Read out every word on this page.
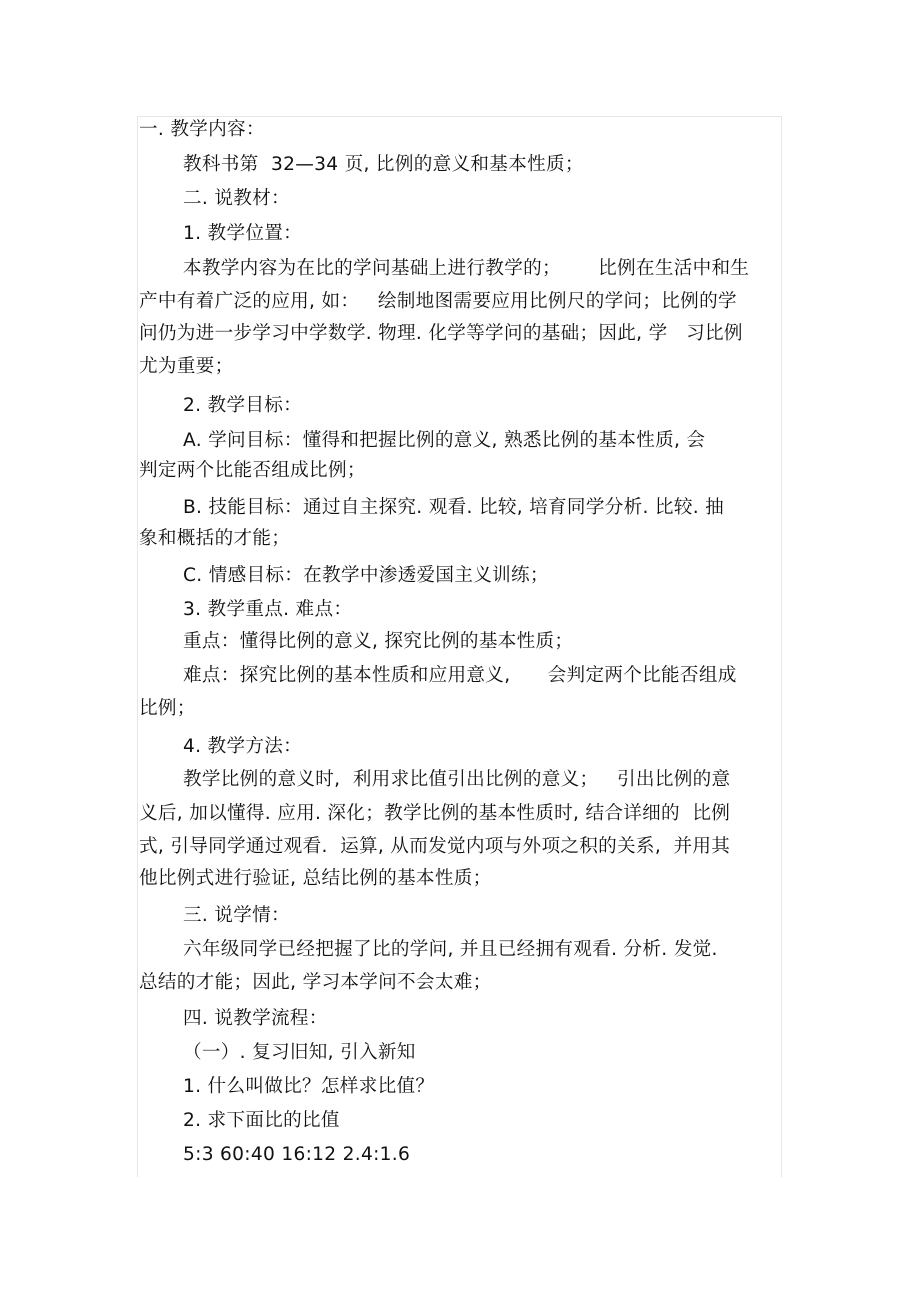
一. 教学内容：
教科书第  32—34 页, 比例的意义和基本性质；
二. 说教材：
1. 教学位置：
本教学内容为在比的学问基础上进行教学的；      比例在生活中和生
产中有着广泛的应用, 如：   绘制地图需要应用比例尺的学问；比例的学
问仍为进一步学习中学数学. 物理. 化学等学问的基础；因此, 学   习比例
尤为重要；
2. 教学目标：
A. 学问目标：懂得和把握比例的意义, 熟悉比例的基本性质, 会
判定两个比能否组成比例；
B. 技能目标：通过自主探究. 观看. 比较, 培育同学分析. 比较. 抽
象和概括的才能；
C. 情感目标：在教学中渗透爱国主义训练；
3. 教学重点. 难点：
重点：懂得比例的意义, 探究比例的基本性质；
难点：探究比例的基本性质和应用意义,      会判定两个比能否组成
比例；
4. 教学方法：
教学比例的意义时,  利用求比值引出比例的意义；   引出比例的意
义后, 加以懂得. 应用. 深化；教学比例的基本性质时, 结合详细的  比例
式, 引导同学通过观看.  运算, 从而发觉内项与外项之积的关系,  并用其
他比例式进行验证, 总结比例的基本性质；
三. 说学情：
六年级同学已经把握了比的学问, 并且已经拥有观看. 分析. 发觉.
总结的才能；因此, 学习本学问不会太难；
四. 说教学流程：
（一）. 复习旧知, 引入新知
1. 什么叫做比？怎样求比值？
2. 求下面比的比值
5:3 60:40 16:12 2.4:1.6
